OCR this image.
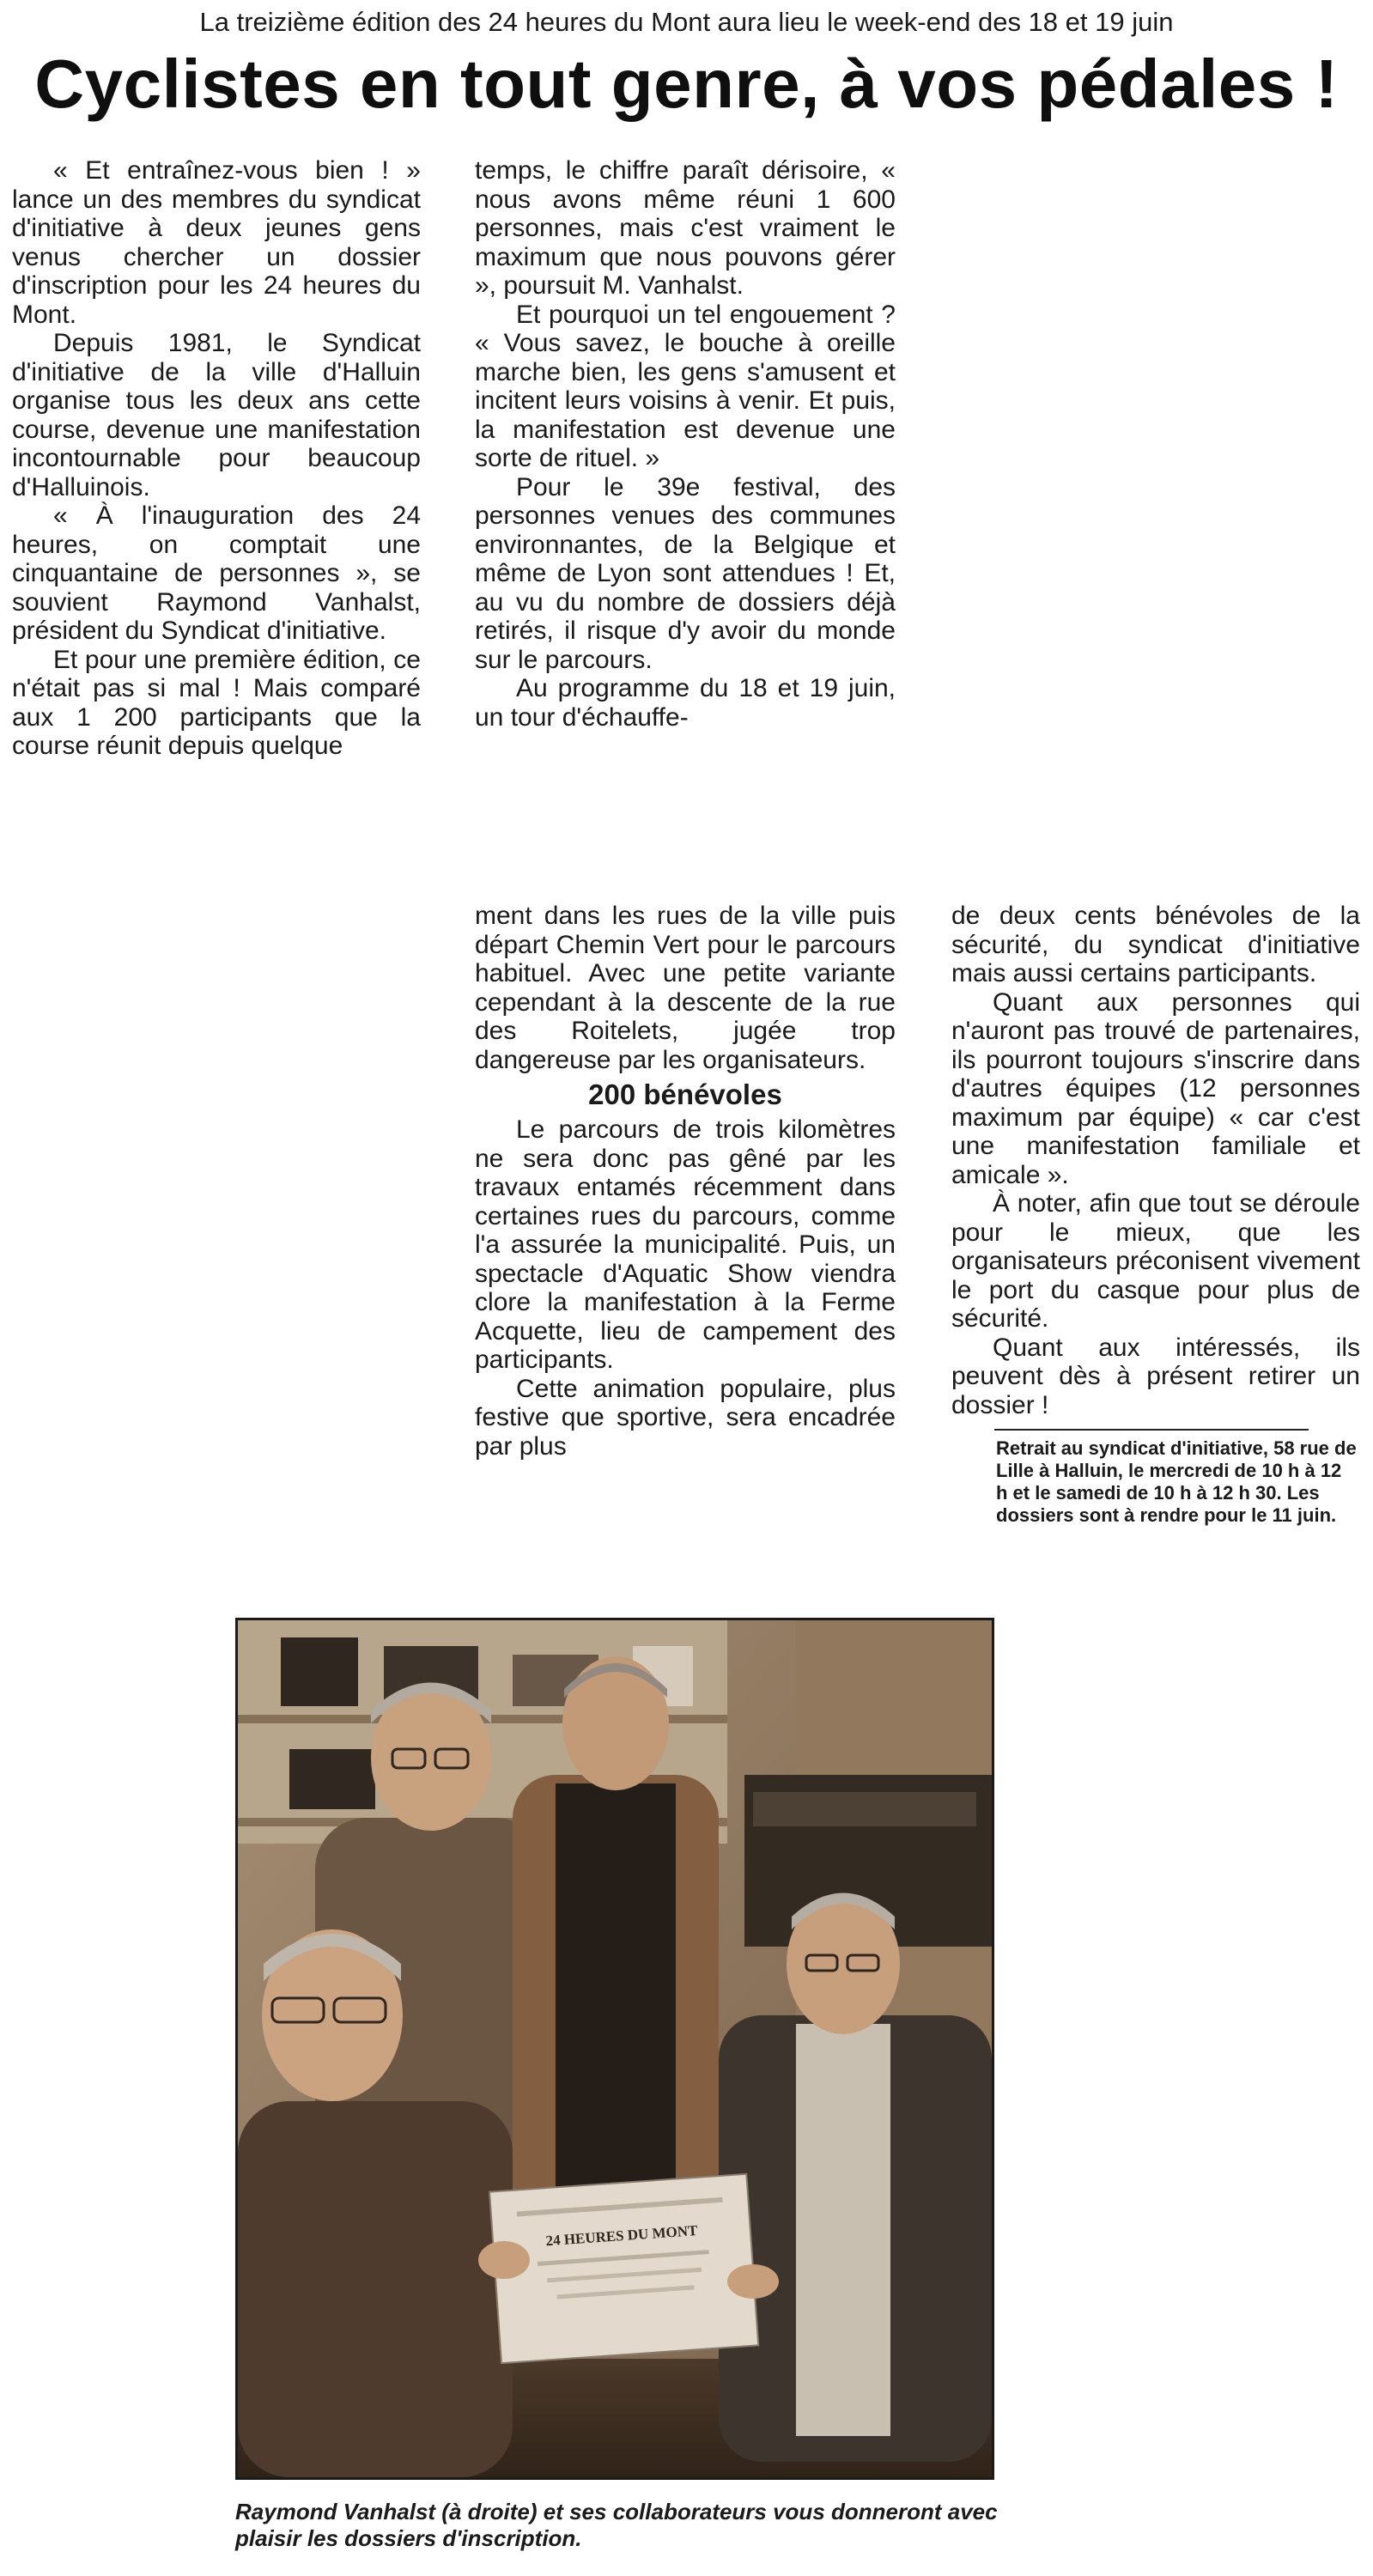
La treizième édition des 24 heures du Mont aura lieu le week-end des 18 et 19 juin
Cyclistes en tout genre, à vos pédales !

« Et entraînez-vous bien ! » lance un des membres du syndicat d'initiative à deux jeunes gens venus chercher un dossier d'inscription pour les 24 heures du Mont.

Depuis 1981, le Syndicat d'initiative de la ville d'Halluin organise tous les deux ans cette course, devenue une manifestation incontournable pour beaucoup d'Halluinois.

« À l'inauguration des 24 heures, on comptait une cinquantaine de personnes », se souvient Raymond Vanhalst, président du Syndicat d'initiative.

Et pour une première édition, ce n'était pas si mal ! Mais comparé aux 1 200 participants que la course réunit depuis quelque

temps, le chiffre paraît dérisoire, « nous avons même réuni 1 600 personnes, mais c'est vraiment le maximum que nous pouvons gérer », poursuit M. Vanhalst.

Et pourquoi un tel engouement ? « Vous savez, le bouche à oreille marche bien, les gens s'amusent et incitent leurs voisins à venir. Et puis, la manifestation est devenue une sorte de rituel. »

Pour le 39e festival, des personnes venues des communes environnantes, de la Belgique et même de Lyon sont attendues ! Et, au vu du nombre de dossiers déjà retirés, il risque d'y avoir du monde sur le parcours.

Au programme du 18 et 19 juin, un tour d'échauffe-

ment dans les rues de la ville puis départ Chemin Vert pour le parcours habituel. Avec une petite variante cependant à la descente de la rue des Roitelets, jugée trop dangereuse par les organisateurs.

200 bénévoles

Le parcours de trois kilomètres ne sera donc pas gêné par les travaux entamés récemment dans certaines rues du parcours, comme l'a assurée la municipalité. Puis, un spectacle d'Aquatic Show viendra clore la manifestation à la Ferme Acquette, lieu de campement des participants.

Cette animation populaire, plus festive que sportive, sera encadrée par plus

de deux cents bénévoles de la sécurité, du syndicat d'initiative mais aussi certains participants.

Quant aux personnes qui n'auront pas trouvé de partenaires, ils pourront toujours s'inscrire dans d'autres équipes (12 personnes maximum par équipe) « car c'est une manifestation familiale et amicale ».

À noter, afin que tout se déroule pour le mieux, que les organisateurs préconisent vivement le port du casque pour plus de sécurité.

Quant aux intéressés, ils peuvent dès à présent retirer un dossier !

Retrait au syndicat d'initiative, 58 rue de Lille à Halluin, le mercredi de 10 h à 12 h et le samedi de 10 h à 12 h 30. Les dossiers sont à rendre pour le 11 juin.
24 HEURES DU MONT
Raymond Vanhalst (à droite) et ses collaborateurs vous donneront avec plaisir les dossiers d'inscription.
